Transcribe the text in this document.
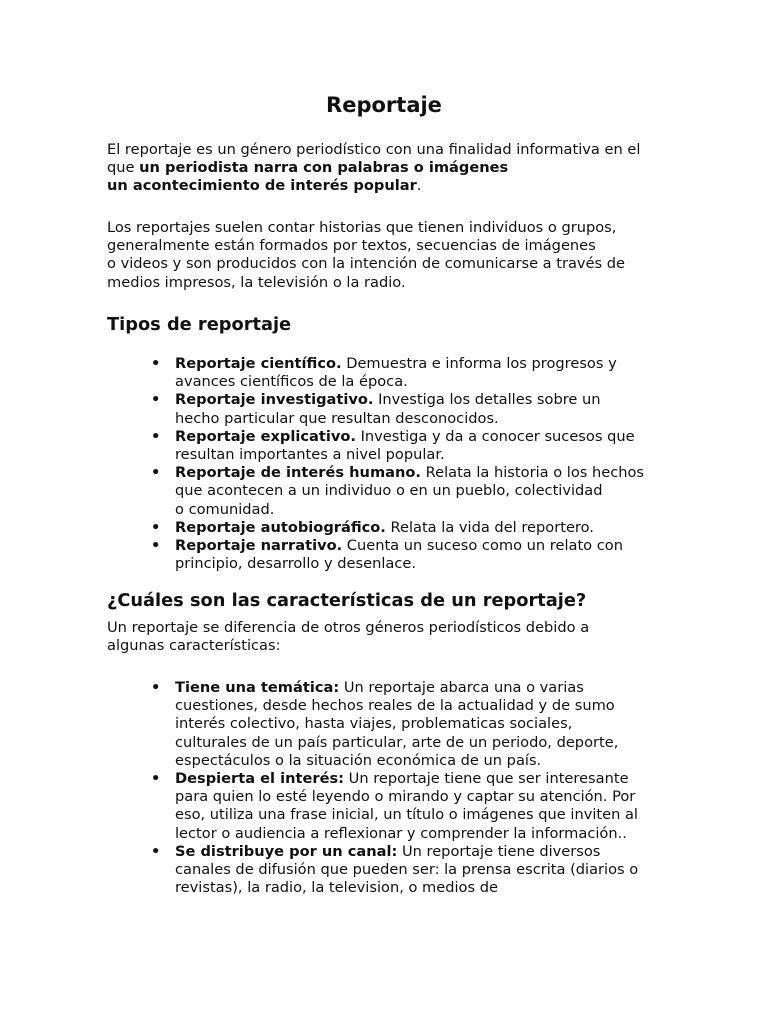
Reportaje

El reportaje es un género periodístico con una finalidad informativa en el
que un periodista narra con palabras o imágenes
un acontecimiento de interés popular.

Los reportajes suelen contar historias que tienen individuos o grupos,
generalmente están formados por textos, secuencias de imágenes
o videos y son producidos con la intención de comunicarse a través de
medios impresos, la televisión o la radio.

Tipos de reportaje
• Reportaje científico. Demuestra e informa los progresos y
avances científicos de la época.
• Reportaje investigativo. Investiga los detalles sobre un
hecho particular que resultan desconocidos.
• Reportaje explicativo. Investiga y da a conocer sucesos que
resultan importantes a nivel popular.
• Reportaje de interés humano. Relata la historia o los hechos
que acontecen a un individuo o en un pueblo, colectividad
o comunidad.
• Reportaje autobiográfico. Relata la vida del reportero.
• Reportaje narrativo. Cuenta un suceso como un relato con
principio, desarrollo y desenlace.
¿Cuáles son las características de un reportaje?

Un reportaje se diferencia de otros géneros periodísticos debido a
algunas características:

• Tiene una temática: Un reportaje abarca una o varias
cuestiones, desde hechos reales de la actualidad y de sumo
interés colectivo, hasta viajes, problematicas sociales,
culturales de un país particular, arte de un periodo, deporte,
espectáculos o la situación económica de un país.
• Despierta el interés: Un reportaje tiene que ser interesante
para quien lo esté leyendo o mirando y captar su atención. Por
eso, utiliza una frase inicial, un título o imágenes que inviten al
lector o audiencia a reflexionar y comprender la información..
• Se distribuye por un canal: Un reportaje tiene diversos
canales de difusión que pueden ser: la prensa escrita (diarios o
revistas), la radio, la television, o medios de
